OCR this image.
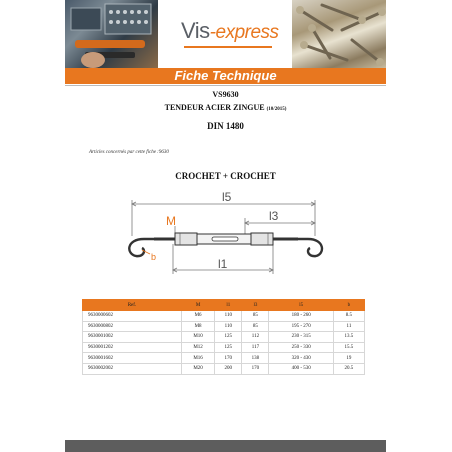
Vis-express
Fiche Technique
VS9630
TENDEUR ACIER ZINGUE (10/2015)
DIN 1480
Articles concernés par cette fiche :9630
CROCHET + CROCHET
l5
l3
l1
M
b
Ref.	M	l1	l3	l5	b
9630000602	M6	110	85	180 - 260	8.5
9630000802	M8	110	85	195 - 270	11
9630001002	M10	125	112	230 - 315	13.5
9630001202	M12	125	117	250 - 330	15.5
9630001602	M16	170	138	320 - 430	19
9630002002	M20	200	170	400 - 530	20.5
